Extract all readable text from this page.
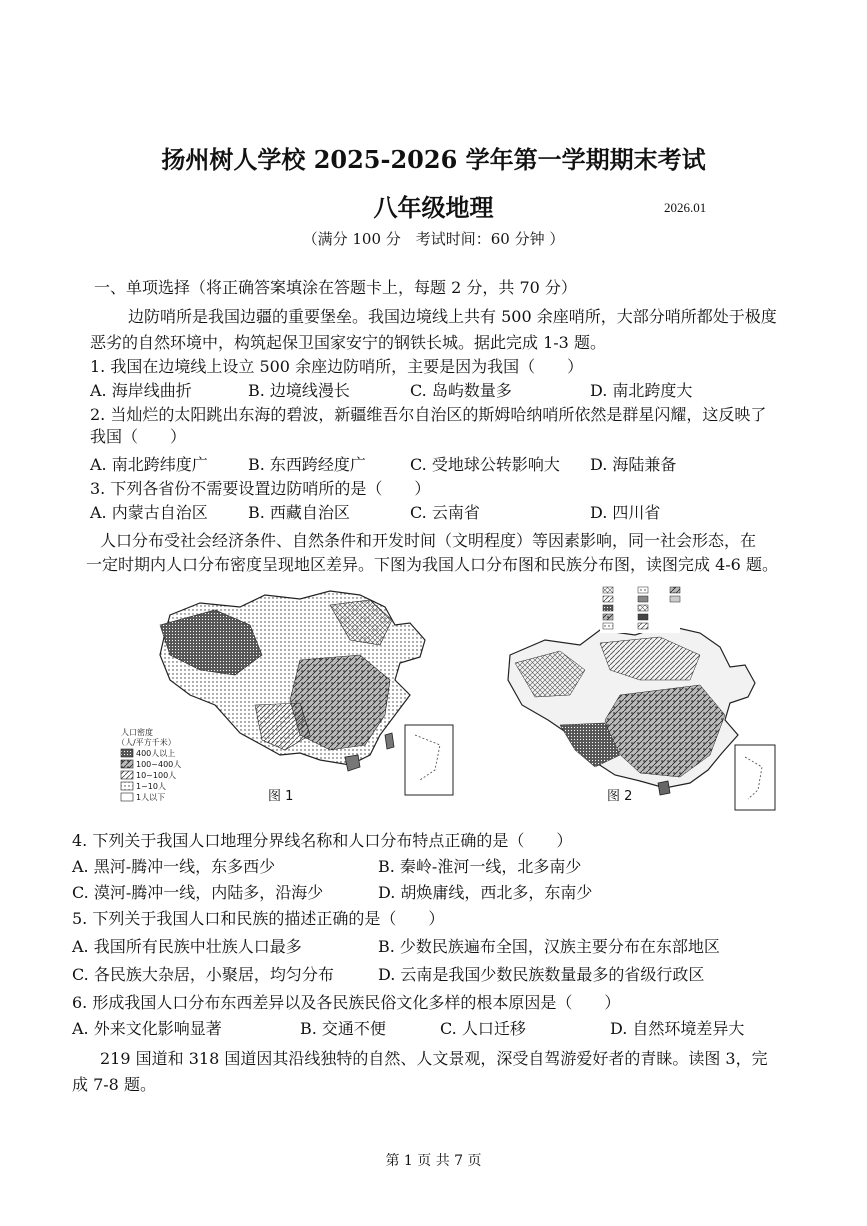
扬州树人学校 2025-2026 学年第一学期期末考试
八年级地理	2026.01
（满分 100 分　考试时间：60 分钟 ）
一、单项选择（将正确答案填涂在答题卡上，每题 2 分，共 70 分）
边防哨所是我国边疆的重要堡垒。我国边境线上共有 500 余座哨所，大部分哨所都处于极度
恶劣的自然环境中，构筑起保卫国家安宁的钢铁长城。据此完成 1-3 题。
1. 我国在边境线上设立 500 余座边防哨所，主要是因为我国（　　）
A. 海岸线曲折	B. 边境线漫长	C. 岛屿数量多	D. 南北跨度大
2. 当灿烂的太阳跳出东海的碧波，新疆维吾尔自治区的斯姆哈纳哨所依然是群星闪耀，这反映了
我国（　　）
A. 南北跨纬度广	B. 东西跨经度广	C. 受地球公转影响大 D. 海陆兼备
3. 下列各省份不需要设置边防哨所的是（　　）
A. 内蒙古自治区	B. 西藏自治区	C. 云南省	D. 四川省
人口分布受社会经济条件、自然条件和开发时间（文明程度）等因素影响，同一社会形态，在
一定时期内人口分布密度呈现地区差异。下图为我国人口分布图和民族分布图，读图完成 4-6 题。
人口密度
（人/平方千米）
400人以上
100~400人
10~100人
1~10人
1人以下	图 1	图 2
4. 下列关于我国人口地理分界线名称和人口分布特点正确的是（　　）
A. 黑河-腾冲一线，东多西少	B. 秦岭-淮河一线，北多南少
C. 漠河-腾冲一线，内陆多，沿海少	D. 胡焕庸线，西北多，东南少
5. 下列关于我国人口和民族的描述正确的是（　　）
A. 我国所有民族中壮族人口最多	B. 少数民族遍布全国，汉族主要分布在东部地区
C. 各民族大杂居，小聚居，均匀分布	D. 云南是我国少数民族数量最多的省级行政区
6. 形成我国人口分布东西差异以及各民族民俗文化多样的根本原因是（　　）
A. 外来文化影响显著	B. 交通不便	C. 人口迁移	D. 自然环境差异大
219 国道和 318 国道因其沿线独特的自然、人文景观，深受自驾游爱好者的青睐。读图 3，完
成 7-8 题。
第 1 页 共 7 页
